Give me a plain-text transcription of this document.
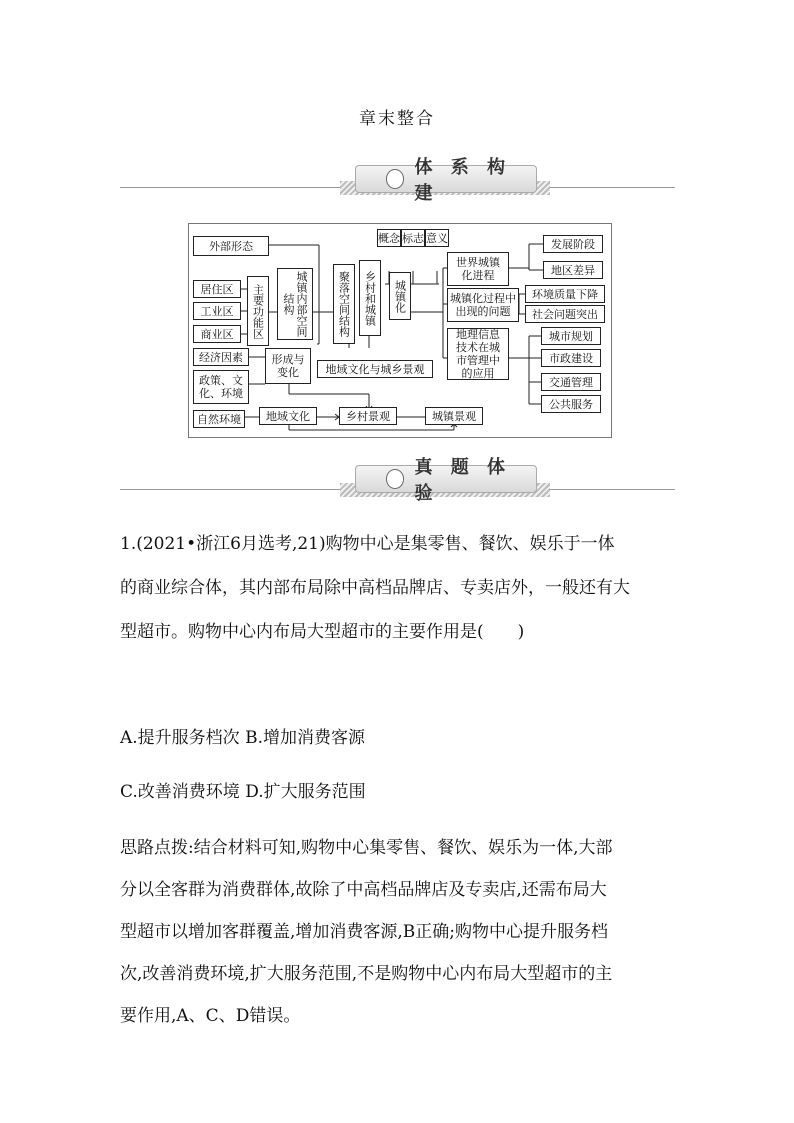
章末整合
体 系 构 建
外部形态
居住区
工业区
商业区	主要功能区	城镇内部空间结构	聚落空间结构	乡村和城镇
概念 标志 意义
城镇化
世界城镇化进程
发展阶段
地区差异
城镇化过程中出现的问题
环境质量下降
社会问题突出
地理信息技术在城市管理中的应用
城市规划
市政建设
交通管理
公共服务
经济因素
政策、文化、环境
形成与变化	地域文化与城乡景观
自然环境	地域文化	乡村景观	城镇景观
真 题 体 验
1.(2021•浙江6月选考,21)购物中心是集零售、餐饮、娱乐于一体
的商业综合体，其内部布局除中高档品牌店、专卖店外，一般还有大
型超市。购物中心内布局大型超市的主要作用是(　　)
A.提升服务档次 B.增加消费客源
C.改善消费环境 D.扩大服务范围
思路点拨:结合材料可知,购物中心集零售、餐饮、娱乐为一体,大部
分以全客群为消费群体,故除了中高档品牌店及专卖店,还需布局大
型超市以增加客群覆盖,增加消费客源,B正确;购物中心提升服务档
次,改善消费环境,扩大服务范围,不是购物中心内布局大型超市的主
要作用,A、C、D错误。
